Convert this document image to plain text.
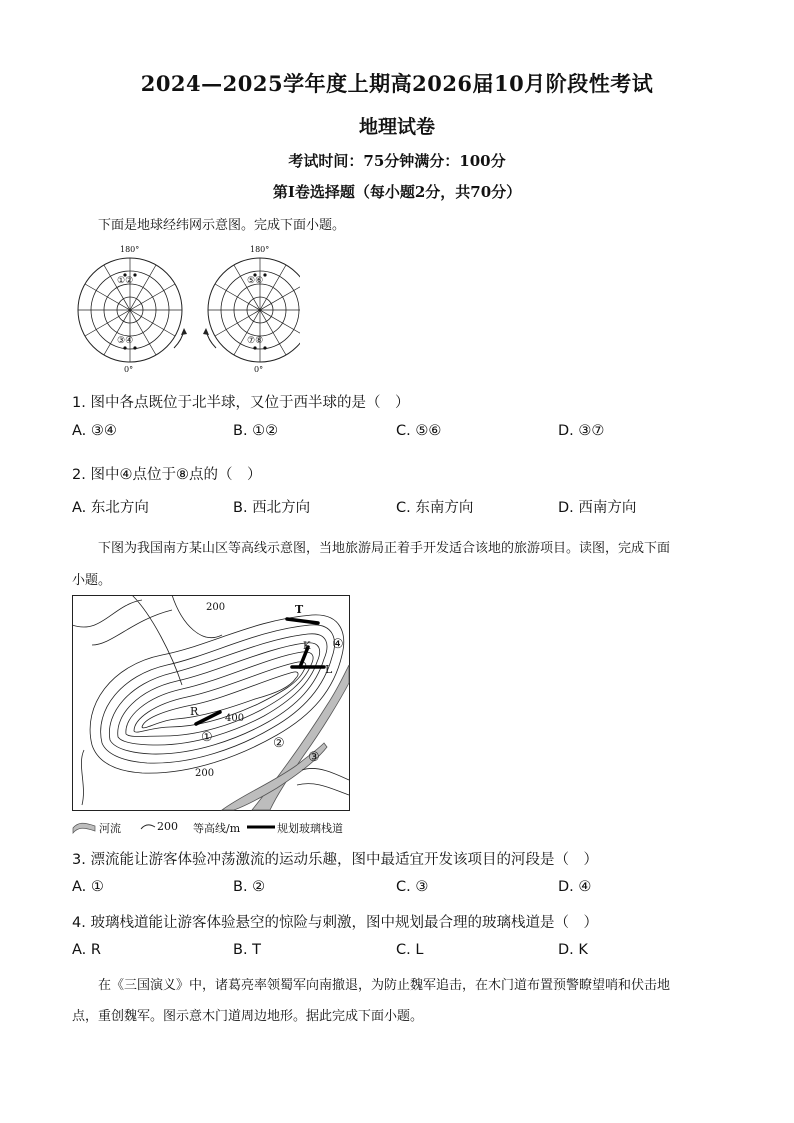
2024—2025学年度上期高2026届10月阶段性考试
地理试卷
考试时间：75分钟满分：100分
第Ⅰ卷选择题（每小题2分，共70分）
下面是地球经纬网示意图。完成下面小题。
180°
0°
①②
③④
180°
0°
⑤⑥
⑦⑧
1. 图中各点既位于北半球，又位于西半球的是（　）
A. ③④	B. ①②	C. ⑤⑥	D. ③⑦
2. 图中④点位于⑧点的（　）
A. 东北方向	B. 西北方向	C. 东南方向	D. 西南方向
下图为我国南方某山区等高线示意图，当地旅游局正着手开发适合该地的旅游项目。读图，完成下面
小题。
200
200
400
T
K
L
R
①	②
③
④
河流	200 等高线/m	规划玻璃栈道
3. 漂流能让游客体验冲荡激流的运动乐趣，图中最适宜开发该项目的河段是（　）
A. ①	B. ②	C. ③	D. ④
4. 玻璃栈道能让游客体验悬空的惊险与刺激，图中规划最合理的玻璃栈道是（　）
A. R	B. T	C. L	D. K
在《三国演义》中，诸葛亮率领蜀军向南撤退，为防止魏军追击，在木门道布置预警瞭望哨和伏击地
点，重创魏军。图示意木门道周边地形。据此完成下面小题。
